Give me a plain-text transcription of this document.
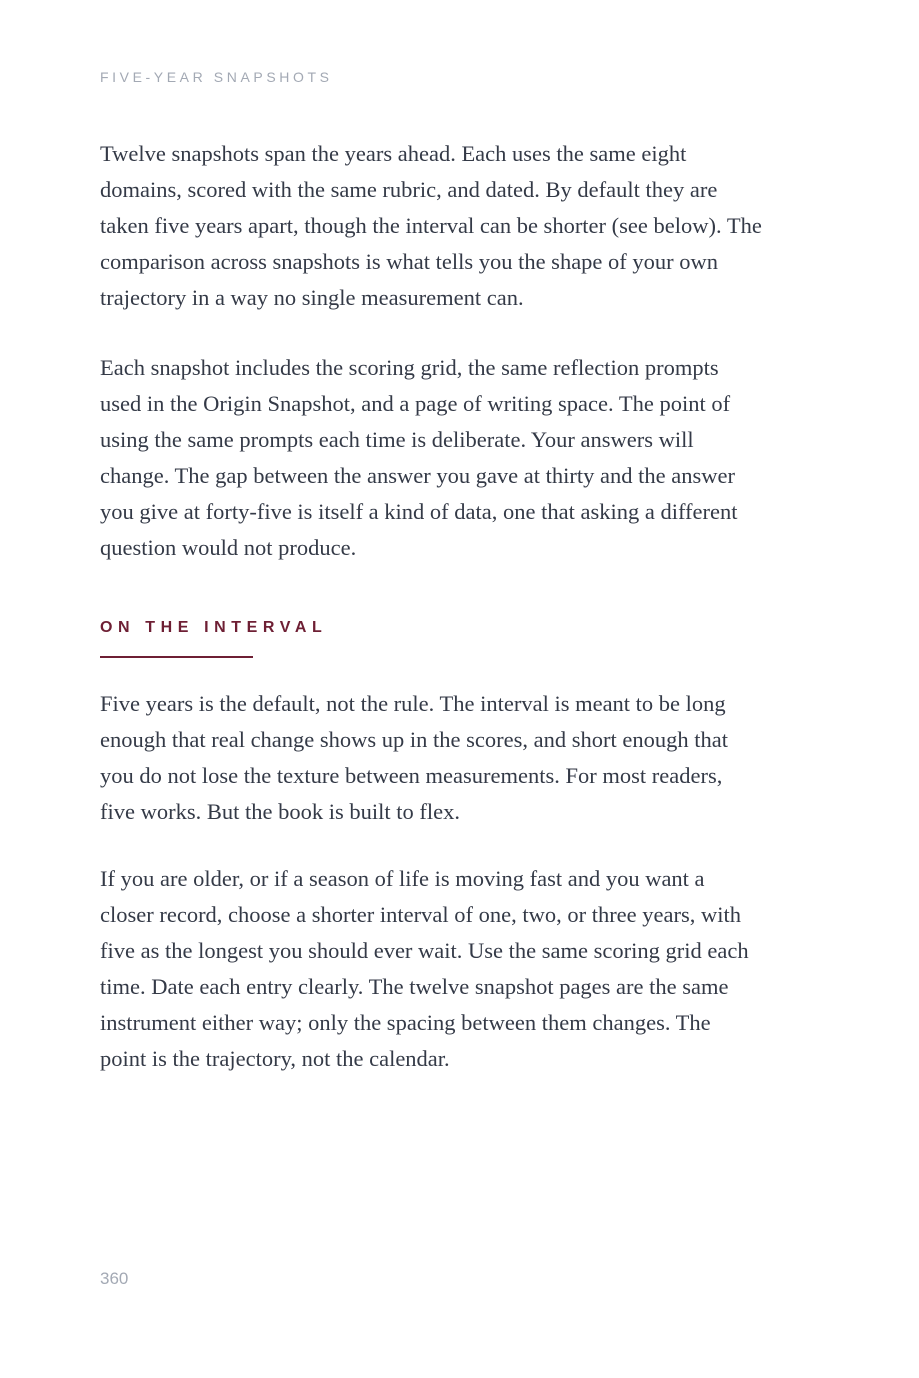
FIVE-YEAR SNAPSHOTS

Twelve snapshots span the years ahead. Each uses the same eight
domains, scored with the same rubric, and dated. By default they are
taken five years apart, though the interval can be shorter (see below). The
comparison across snapshots is what tells you the shape of your own
trajectory in a way no single measurement can.

Each snapshot includes the scoring grid, the same reflection prompts
used in the Origin Snapshot, and a page of writing space. The point of
using the same prompts each time is deliberate. Your answers will
change. The gap between the answer you gave at thirty and the answer
you give at forty-five is itself a kind of data, one that asking a different
question would not produce.

ON THE INTERVAL

Five years is the default, not the rule. The interval is meant to be long
enough that real change shows up in the scores, and short enough that
you do not lose the texture between measurements. For most readers,
five works. But the book is built to flex.

If you are older, or if a season of life is moving fast and you want a
closer record, choose a shorter interval of one, two, or three years, with
five as the longest you should ever wait. Use the same scoring grid each
time. Date each entry clearly. The twelve snapshot pages are the same
instrument either way; only the spacing between them changes. The
point is the trajectory, not the calendar.

360
